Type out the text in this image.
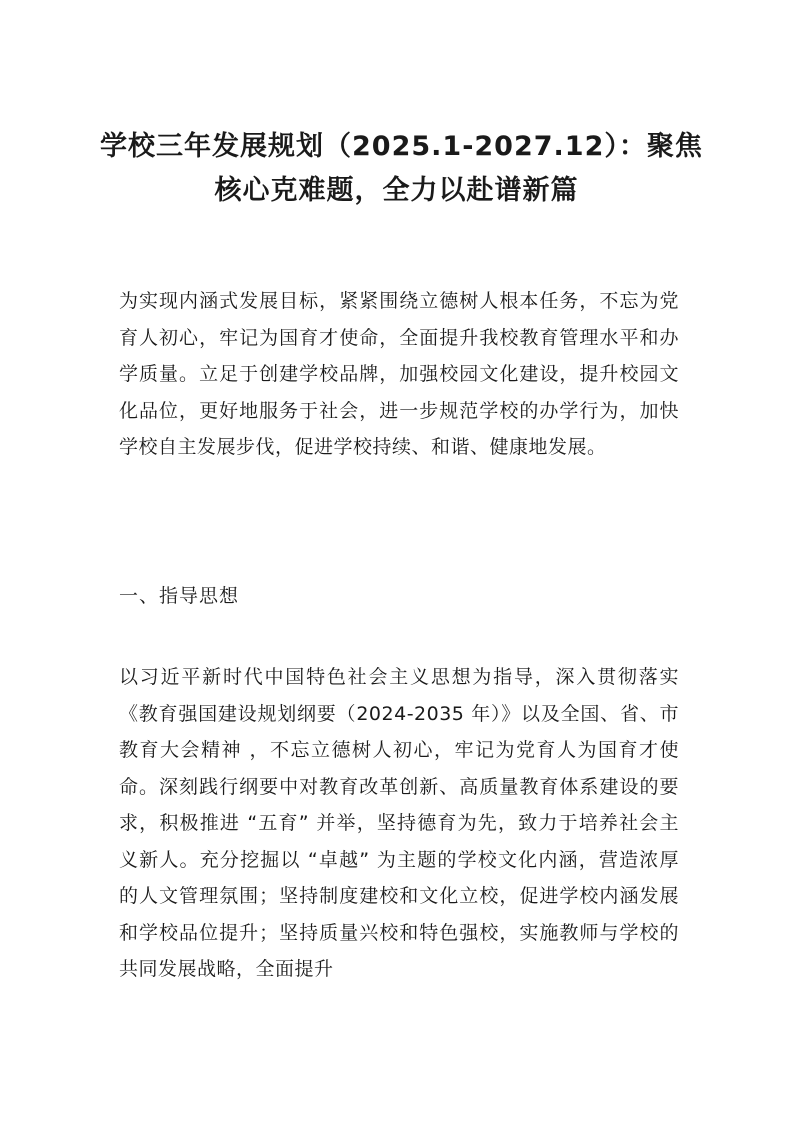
学校三年发展规划（2025.1-2027.12）：聚焦
核心克难题，全力以赴谱新篇
为实现内涵式发展目标，紧紧围绕立德树人根本任务，不忘为党育人初心，牢记为国育才使命，全面提升我校教育管理水平和办学质量。立足于创建学校品牌，加强校园文化建设，提升校园文化品位，更好地服务于社会，进一步规范学校的办学行为，加快学校自主发展步伐，促进学校持续、和谐、健康地发展。
一、指导思想
以习近平新时代中国特色社会主义思想为指导，深入贯彻落实《教育强国建设规划纲要（2024-2035 年）》以及全国、省、市教育大会精神 ，不忘立德树人初心，牢记为党育人为国育才使命。深刻践行纲要中对教育改革创新、高质量教育体系建设的要求，积极推进 “五育” 并举，坚持德育为先，致力于培养社会主义新人。充分挖掘以 “卓越” 为主题的学校文化内涵，营造浓厚的人文管理氛围；坚持制度建校和文化立校，促进学校内涵发展和学校品位提升；坚持质量兴校和特色强校，实施教师与学校的共同发展战略，全面提升
